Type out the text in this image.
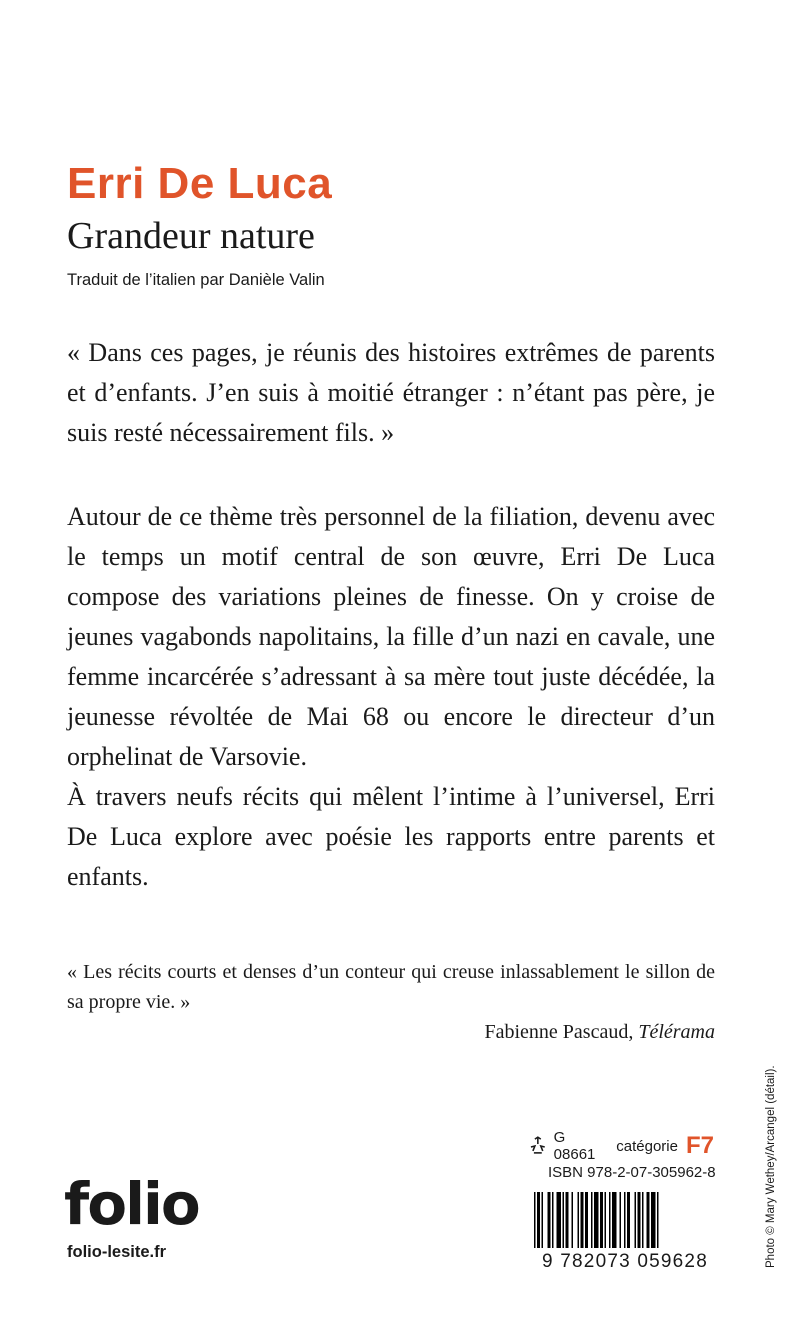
Erri De Luca
Grandeur nature
Traduit de l’italien par Danièle Valin

« Dans ces pages, je réunis des histoires extrêmes de parents et d’enfants. J’en suis à moitié étranger : n’étant pas père, je suis resté nécessairement fils. »

Autour de ce thème très personnel de la filiation, devenu avec le temps un motif central de son œuvre, Erri De Luca compose des variations pleines de finesse. On y croise de jeunes vagabonds napolitains, la fille d’un nazi en cavale, une femme incarcérée s’adressant à sa mère tout juste décédée, la jeunesse révoltée de Mai 68 ou encore le directeur d’un orphelinat de Varsovie.

À travers neufs récits qui mêlent l’intime à l’universel, Erri De Luca explore avec poésie les rapports entre parents et enfants.

« Les récits courts et denses d’un conteur qui creuse inlassablement le sillon de sa propre vie. »

Fabienne Pascaud, Télérama
folio
folio-lesite.fr
G 08661	catégorie F7
ISBN 978-2-07-305962-8
9 782073 059628	Photo © Mary Wethey/Arcangel (détail).
